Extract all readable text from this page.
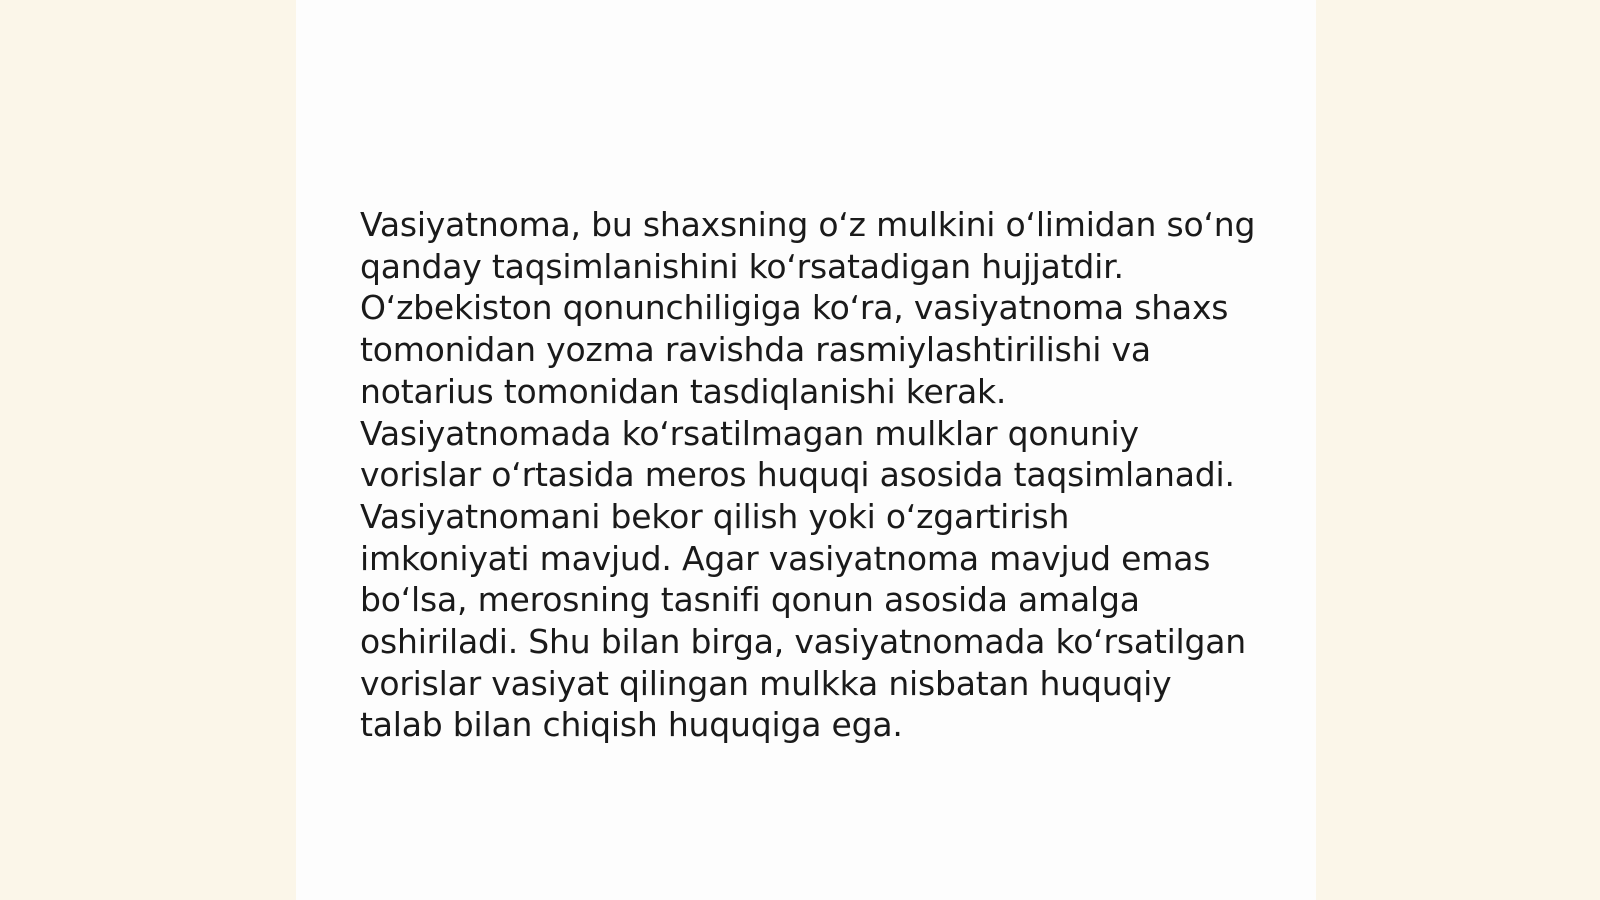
Vasiyatnoma, bu shaxsning o‘z mulkini o‘limidan so‘ng
qanday taqsimlanishini ko‘rsatadigan hujjatdir.
O‘zbekiston qonunchiligiga ko‘ra, vasiyatnoma shaxs
tomonidan yozma ravishda rasmiylashtirilishi va
notarius tomonidan tasdiqlanishi kerak.
Vasiyatnomada ko‘rsatilmagan mulklar qonuniy
vorislar o‘rtasida meros huquqi asosida taqsimlanadi.
Vasiyatnomani bekor qilish yoki o‘zgartirish
imkoniyati mavjud. Agar vasiyatnoma mavjud emas
bo‘lsa, merosning tasnifi qonun asosida amalga
oshiriladi. Shu bilan birga, vasiyatnomada ko‘rsatilgan
vorislar vasiyat qilingan mulkka nisbatan huquqiy
talab bilan chiqish huquqiga ega.
